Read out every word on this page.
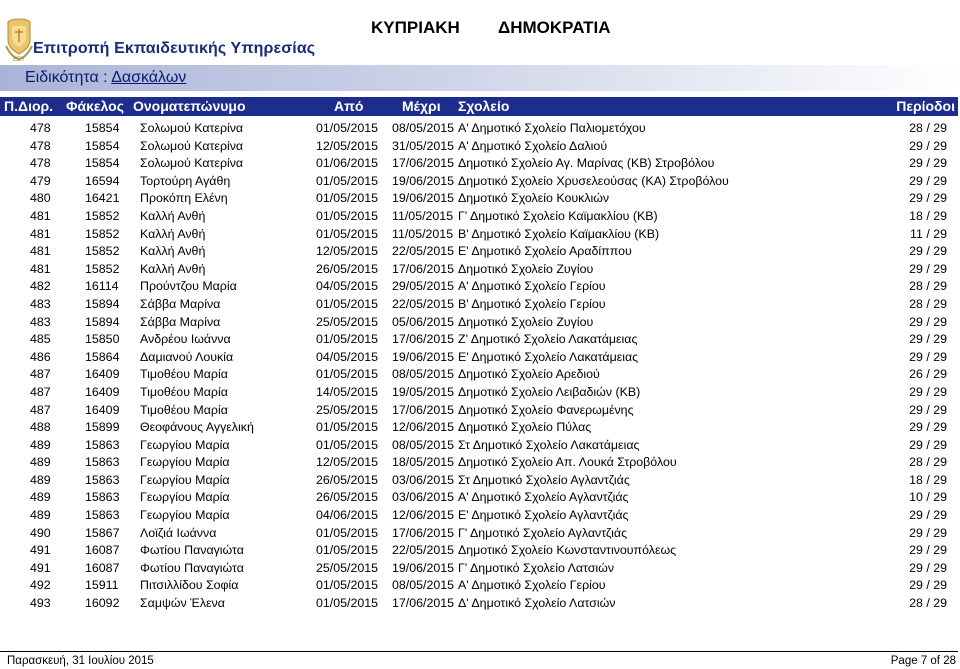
ΕΕΥ
Επιτροπή Εκπαιδευτικής Υπηρεσίας
ΚΥΠΡΙΑΚΗ ΔΗΜΟΚΡΑΤΙΑ
Ειδικότητα : Δασκάλων
Π.Διορ. Φάκελος Ονοματεπώνυμο	Από	Μέχρι Σχολείο	Περίοδοι
478	15854 Σολωμού Κατερίνα	01/05/2015 08/05/2015 Α' Δημοτικό Σχολείο Παλιομετόχου	28 / 29
478	15854 Σολωμού Κατερίνα	12/05/2015 31/05/2015 Α' Δημοτικό Σχολείο Δαλιού	29 / 29
478	15854 Σολωμού Κατερίνα	01/06/2015 17/06/2015 Δημοτικό Σχολείο Αγ. Μαρίνας (ΚΒ) Στροβόλου	29 / 29
479	16594 Τορτούρη Αγάθη	01/05/2015 19/06/2015 Δημοτικό Σχολείο Χρυσελεούσας (ΚΑ) Στροβόλου	29 / 29
480	16421 Προκόπη Ελένη	01/05/2015 19/06/2015 Δημοτικό Σχολείο Κουκλιών	29 / 29
481	15852 Καλλή Ανθή	01/05/2015 11/05/2015 Γ' Δημοτικό Σχολείο Καϊμακλίου (ΚΒ)	18 / 29
481	15852 Καλλή Ανθή	01/05/2015 11/05/2015 Β' Δημοτικό Σχολείο Καϊμακλίου (ΚΒ)	11 / 29
481	15852 Καλλή Ανθή	12/05/2015 22/05/2015 Ε' Δημοτικό Σχολείο Αραδίππου	29 / 29
481	15852 Καλλή Ανθή	26/05/2015 17/06/2015 Δημοτικό Σχολείο Ζυγίου	29 / 29
482	16114 Προύντζου Μαρία	04/05/2015 29/05/2015 Α' Δημοτικό Σχολείο Γερίου	28 / 29
483	15894 Σάββα Μαρίνα	01/05/2015 22/05/2015 Β' Δημοτικό Σχολείο Γερίου	28 / 29
483	15894 Σάββα Μαρίνα	25/05/2015 05/06/2015 Δημοτικό Σχολείο Ζυγίου	29 / 29
485	15850 Ανδρέου Ιωάννα	01/05/2015 17/06/2015 Ζ' Δημοτικό Σχολείο Λακατάμειας	29 / 29
486	15864 Δαμιανού Λουκία	04/05/2015 19/06/2015 Ε' Δημοτικό Σχολείο Λακατάμειας	29 / 29
487	16409 Τιμοθέου Μαρία	01/05/2015 08/05/2015 Δημοτικό Σχολείο Αρεδιού	26 / 29
487	16409 Τιμοθέου Μαρία	14/05/2015 19/05/2015 Δημοτικό Σχολείο Λειβαδιών (ΚΒ)	29 / 29
487	16409 Τιμοθέου Μαρία	25/05/2015 17/06/2015 Δημοτικό Σχολείο Φανερωμένης	29 / 29
488	15899 Θεοφάνους Αγγελική	01/05/2015 12/06/2015 Δημοτικό Σχολείο Πύλας	29 / 29
489	15863 Γεωργίου Μαρία	01/05/2015 08/05/2015 Στ Δημοτικό Σχολείο Λακατάμειας	29 / 29
489	15863 Γεωργίου Μαρία	12/05/2015 18/05/2015 Δημοτικό Σχολείο Απ. Λουκά Στροβόλου	28 / 29
489	15863 Γεωργίου Μαρία	26/05/2015 03/06/2015 Στ Δημοτικό Σχολείο Αγλαντζιάς	18 / 29
489	15863 Γεωργίου Μαρία	26/05/2015 03/06/2015 Α' Δημοτικό Σχολείο Αγλαντζιάς	10 / 29
489	15863 Γεωργίου Μαρία	04/06/2015 12/06/2015 Ε' Δημοτικό Σχολείο Αγλαντζιάς	29 / 29
490	15867 Λοϊζιά Ιωάννα	01/05/2015 17/06/2015 Γ' Δημοτικό Σχολείο Αγλαντζιάς	29 / 29
491	16087 Φωτίου Παναγιώτα	01/05/2015 22/05/2015 Δημοτικό Σχολείο Κωνσταντινουπόλεως	29 / 29
491	16087 Φωτίου Παναγιώτα	25/05/2015 19/06/2015 Γ' Δημοτικό Σχολείο Λατσιών	29 / 29
492	15911 Πιτσιλλίδου Σοφία	01/05/2015 08/05/2015 Α' Δημοτικό Σχολείο Γερίου	29 / 29
493	16092 Σαμψών Έλενα	01/05/2015 17/06/2015 Δ' Δημοτικό Σχολείο Λατσιών	28 / 29
Παρασκευή, 31 Ιουλίου 2015	Page 7 of 28
